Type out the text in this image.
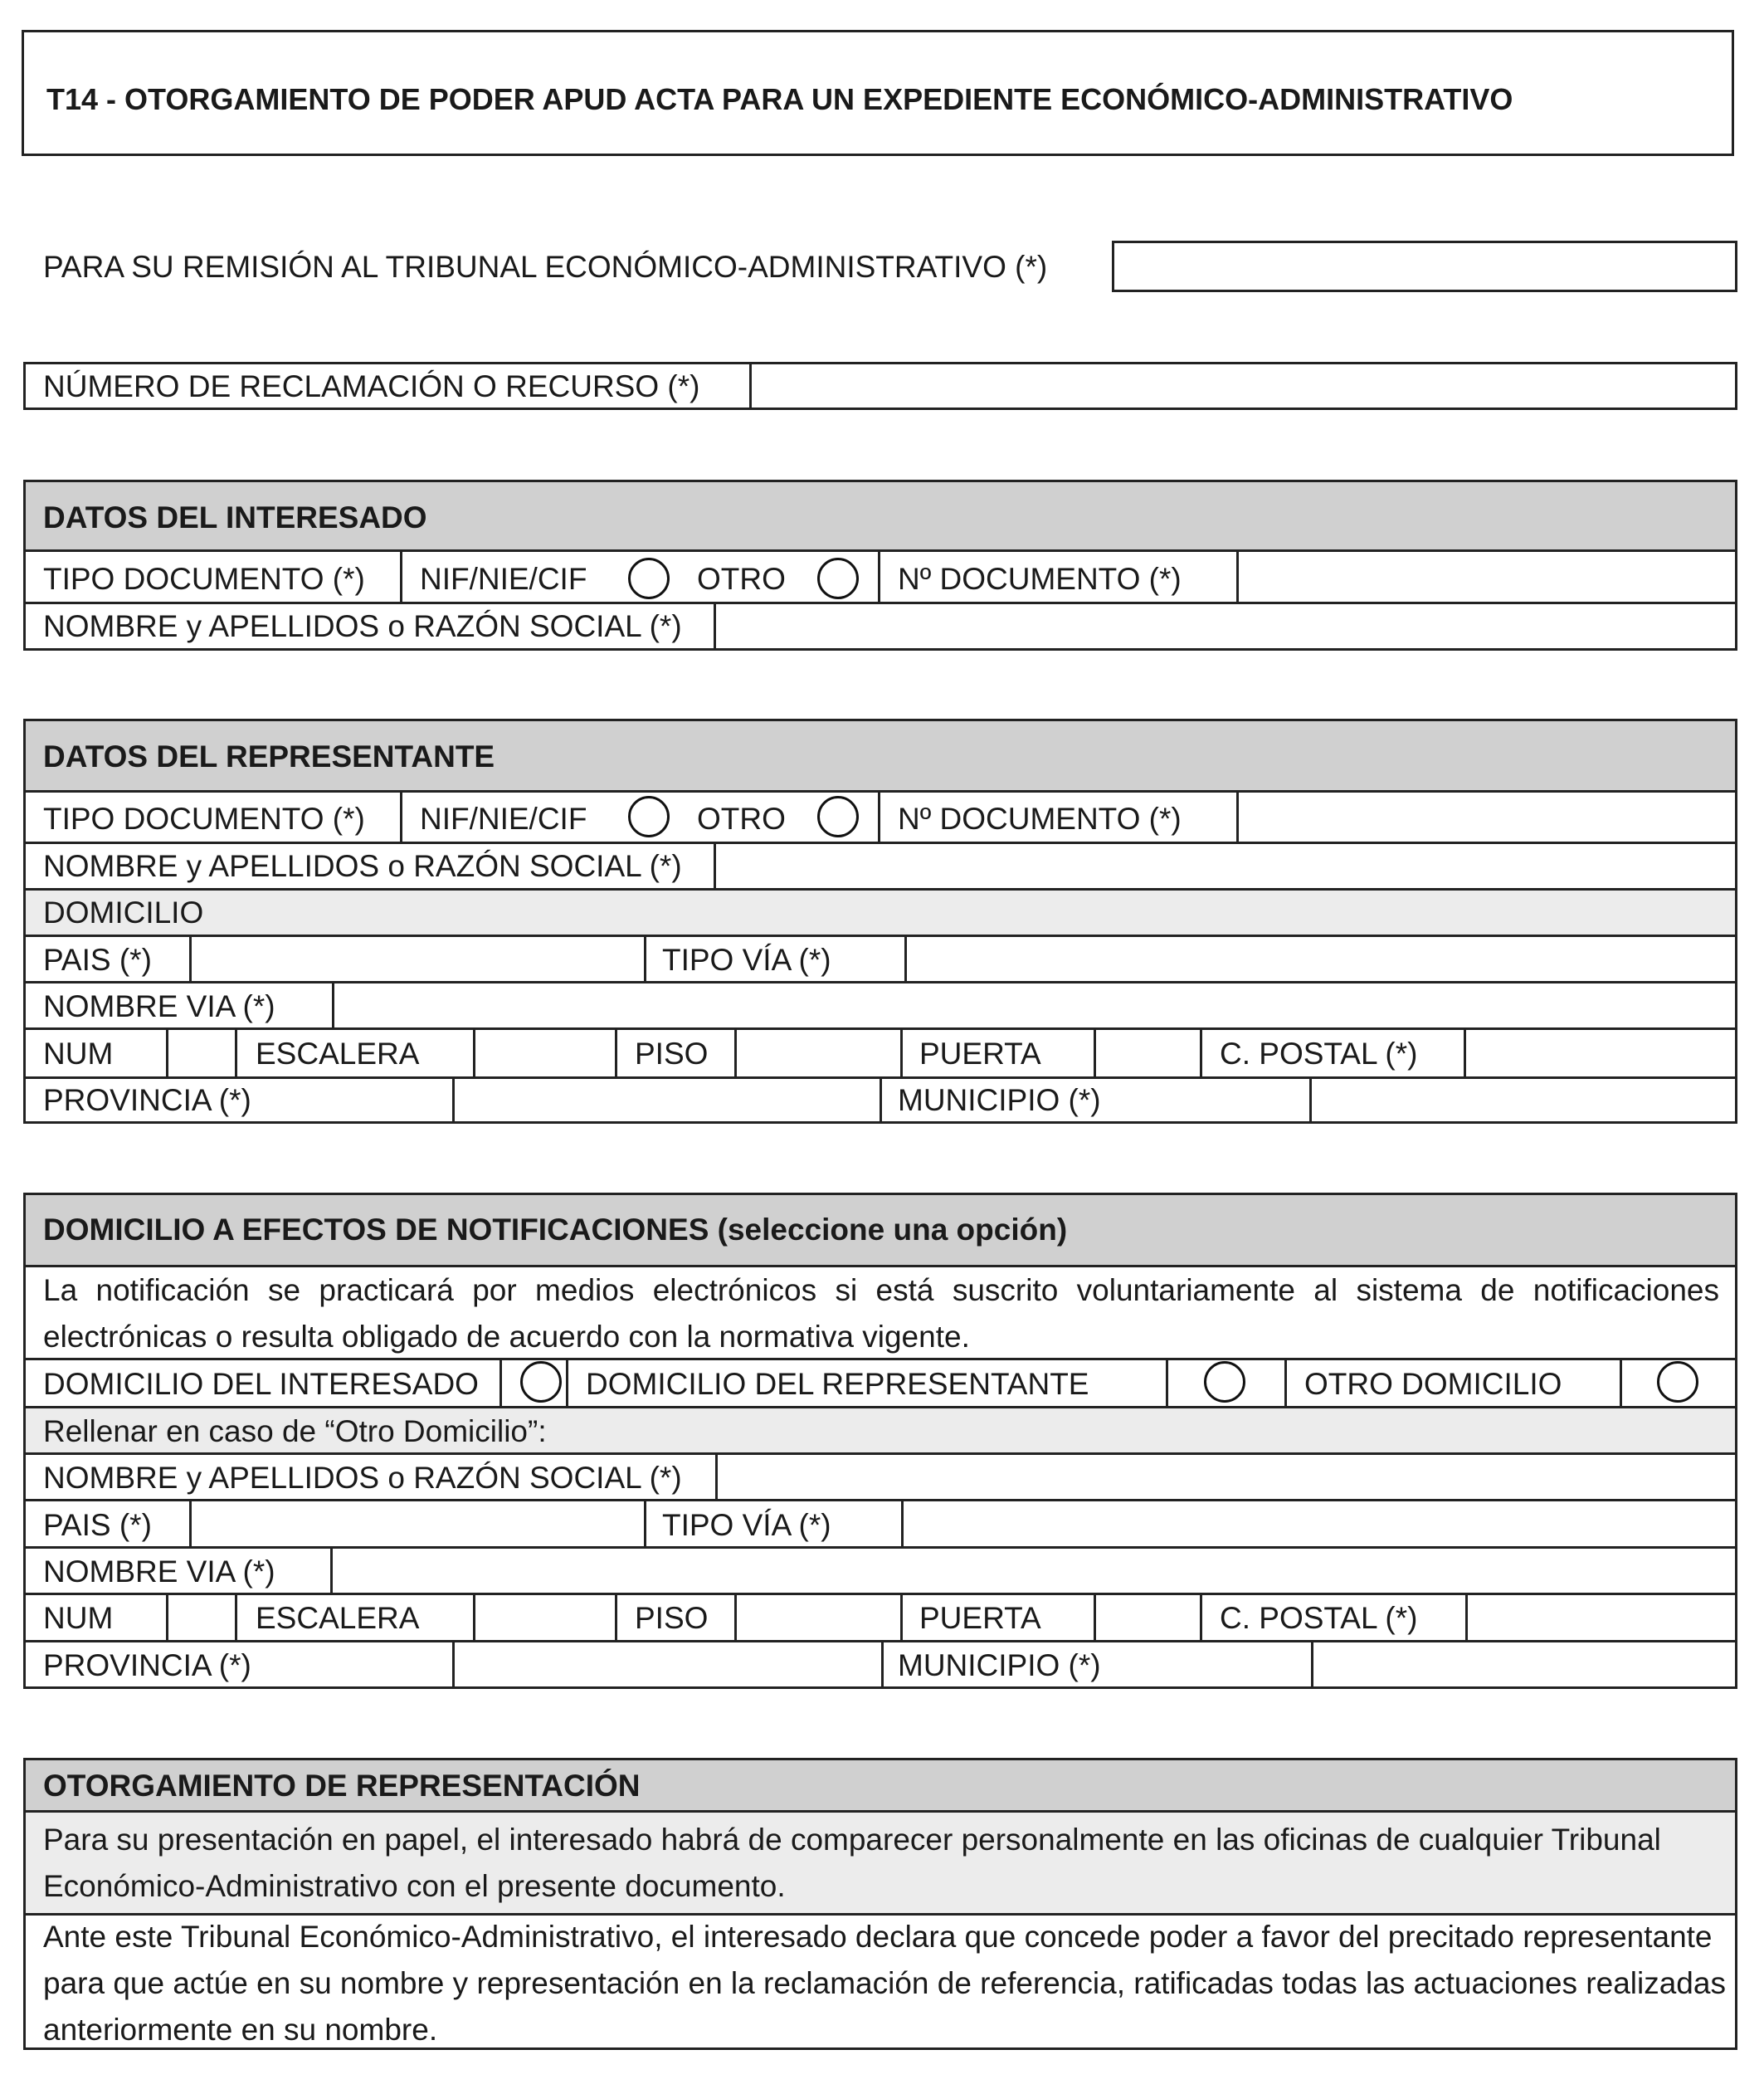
T14 - OTORGAMIENTO DE PODER APUD ACTA PARA UN EXPEDIENTE ECONÓMICO-ADMINISTRATIVO
PARA SU REMISIÓN AL TRIBUNAL ECONÓMICO-ADMINISTRATIVO (*)
NÚMERO DE RECLAMACIÓN O RECURSO (*)
DATOS DEL INTERESADO
TIPO DOCUMENTO (*) NIF/NIE/CIF	OTRO	Nº DOCUMENTO (*)
NOMBRE y APELLIDOS o RAZÓN SOCIAL (*)
DATOS DEL REPRESENTANTE
TIPO DOCUMENTO (*) NIF/NIE/CIF	OTRO	Nº DOCUMENTO (*)
NOMBRE y APELLIDOS o RAZÓN SOCIAL (*)
DOMICILIO
PAIS (*)	TIPO VÍA (*)
NOMBRE VIA (*)
NUM	ESCALERA	PISO	PUERTA	C. POSTAL (*)
PROVINCIA (*)	MUNICIPIO (*)
DOMICILIO A EFECTOS DE NOTIFICACIONES (seleccione una opción)
La notificación se practicará por medios electrónicos si está suscrito voluntariamente al sistema de notificaciones electrónicas o resulta obligado de acuerdo con la normativa vigente.
DOMICILIO DEL INTERESADO	DOMICILIO DEL REPRESENTANTE	OTRO DOMICILIO
Rellenar en caso de “Otro Domicilio”:
NOMBRE y APELLIDOS o RAZÓN SOCIAL (*)
PAIS (*)	TIPO VÍA (*)
NOMBRE VIA (*)
NUM	ESCALERA	PISO	PUERTA	C. POSTAL (*)
PROVINCIA (*)	MUNICIPIO (*)
OTORGAMIENTO DE REPRESENTACIÓN
Para su presentación en papel, el interesado habrá de comparecer personalmente en las oficinas de cualquier Tribunal Económico-Administrativo con el presente documento.
Ante este Tribunal Económico-Administrativo, el interesado declara que concede poder a favor del precitado representante para que actúe en su nombre y representación en la reclamación de referencia, ratificadas todas las actuaciones realizadas anteriormente en su nombre.
